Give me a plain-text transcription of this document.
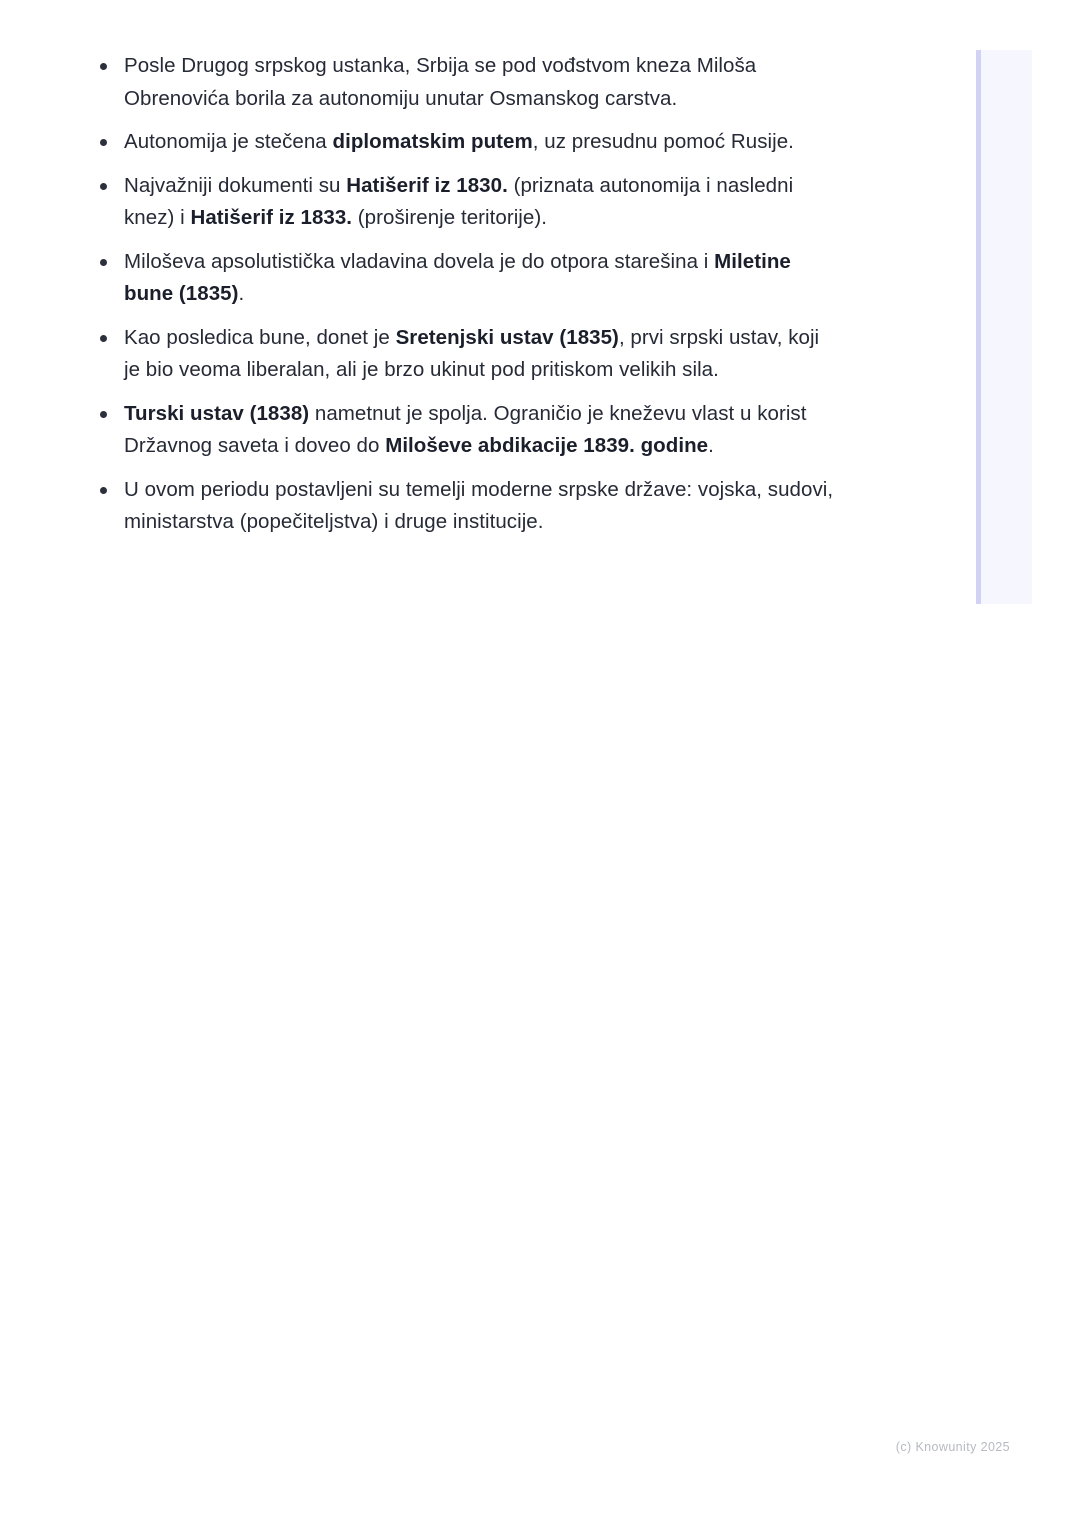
Posle Drugog srpskog ustanka, Srbija se pod vođstvom kneza Miloša Obrenovića borila za autonomiju unutar Osmanskog carstva.
Autonomija je stečena diplomatskim putem, uz presudnu pomoć Rusije.
Najvažniji dokumenti su Hatišerif iz 1830. (priznata autonomija i nasledni knez) i Hatišerif iz 1833. (proširenje teritorije).
Miloševa apsolutistička vladavina dovela je do otpora starešina i Miletine bune (1835).
Kao posledica bune, donet je Sretenjski ustav (1835), prvi srpski ustav, koji je bio veoma liberalan, ali je brzo ukinut pod pritiskom velikih sila.
Turski ustav (1838) nametnut je spolja. Ograničio je kneževu vlast u korist Državnog saveta i doveo do Miloševe abdikacije 1839. godine.
U ovom periodu postavljeni su temelji moderne srpske države: vojska, sudovi, ministarstva (popečiteljstva) i druge institucije.
(c) Knowunity 2025
